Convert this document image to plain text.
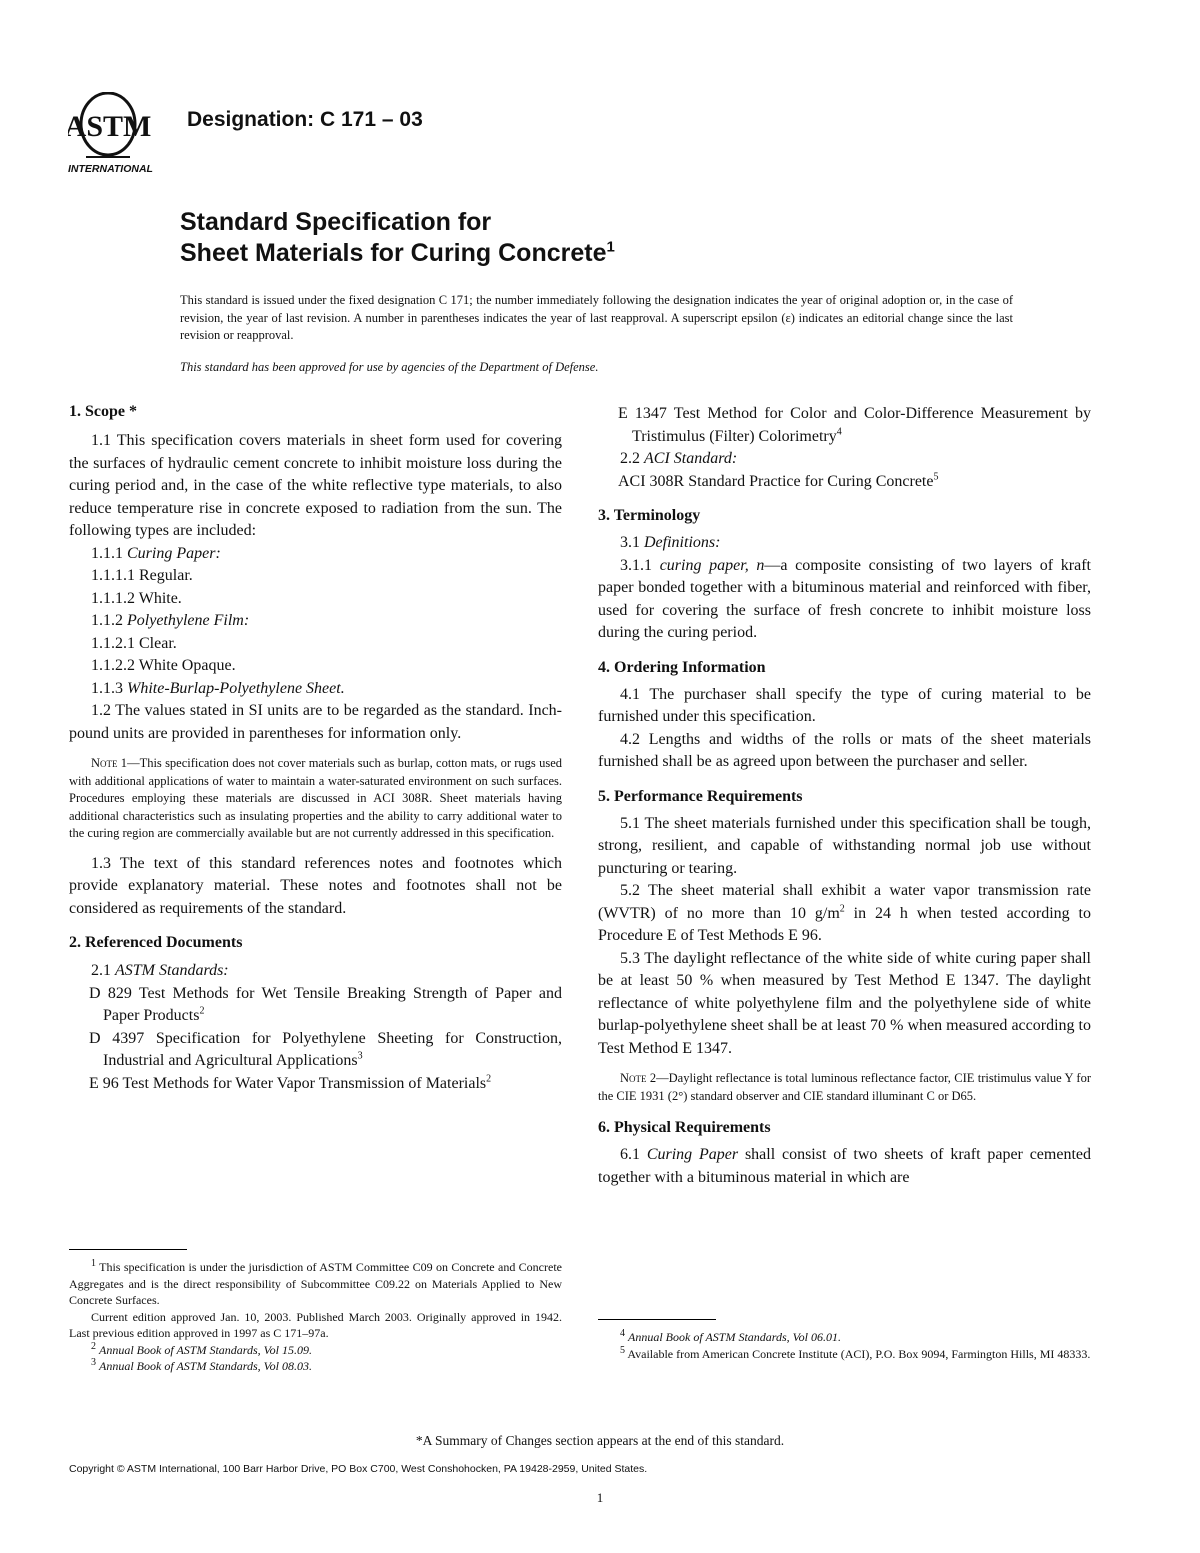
ASTM
INTERNATIONAL
Designation: C 171 – 03
Standard Specification for
Sheet Materials for Curing Concrete$^1$
This standard is issued under the fixed designation C 171; the number immediately following the designation indicates the year of original adoption or, in the case of revision, the year of last revision. A number in parentheses indicates the year of last reapproval. A superscript epsilon (ε) indicates an editorial change since the last revision or reapproval.
This standard has been approved for use by agencies of the Department of Defense.
1. Scope *
1.1 This specification covers materials in sheet form used for covering the surfaces of hydraulic cement concrete to inhibit moisture loss during the curing period and, in the case of the white reflective type materials, to also reduce temperature rise in concrete exposed to radiation from the sun. The following types are included:
1.1.1 Curing Paper:
1.1.1.1 Regular.
1.1.1.2 White.
1.1.2 Polyethylene Film:
1.1.2.1 Clear.
1.1.2.2 White Opaque.
1.1.3 White-Burlap-Polyethylene Sheet.
1.2 The values stated in SI units are to be regarded as the standard. Inch-pound units are provided in parentheses for information only.
Note 1—This specification does not cover materials such as burlap, cotton mats, or rugs used with additional applications of water to maintain a water-saturated environment on such surfaces. Procedures employing these materials are discussed in ACI 308R. Sheet materials having additional characteristics such as insulating properties and the ability to carry additional water to the curing region are commercially available but are not currently addressed in this specification.
1.3 The text of this standard references notes and footnotes which provide explanatory material. These notes and footnotes shall not be considered as requirements of the standard.
2. Referenced Documents
2.1 ASTM Standards:
D 829 Test Methods for Wet Tensile Breaking Strength of Paper and Paper Products$^2$
D 4397 Specification for Polyethylene Sheeting for Construction, Industrial and Agricultural Applications$^3$
E 96 Test Methods for Water Vapor Transmission of Materials$^2$
$^1$ This specification is under the jurisdiction of ASTM Committee C09 on Concrete and Concrete Aggregates and is the direct responsibility of Subcommittee C09.22 on Materials Applied to New Concrete Surfaces.
Current edition approved Jan. 10, 2003. Published March 2003. Originally approved in 1942. Last previous edition approved in 1997 as C 171–97a.
$^2$ Annual Book of ASTM Standards, Vol 15.09.
$^3$ Annual Book of ASTM Standards, Vol 08.03.
E 1347 Test Method for Color and Color-Difference Measurement by Tristimulus (Filter) Colorimetry$^4$
2.2 ACI Standard:
ACI 308R Standard Practice for Curing Concrete$^5$
3. Terminology
3.1 Definitions:
3.1.1 curing paper, n—a composite consisting of two layers of kraft paper bonded together with a bituminous material and reinforced with fiber, used for covering the surface of fresh concrete to inhibit moisture loss during the curing period.
4. Ordering Information
4.1 The purchaser shall specify the type of curing material to be furnished under this specification.
4.2 Lengths and widths of the rolls or mats of the sheet materials furnished shall be as agreed upon between the purchaser and seller.
5. Performance Requirements
5.1 The sheet materials furnished under this specification shall be tough, strong, resilient, and capable of withstanding normal job use without puncturing or tearing.
5.2 The sheet material shall exhibit a water vapor transmission rate (WVTR) of no more than 10 $g/m^2$ in 24 h when tested according to Procedure E of Test Methods E 96.
5.3 The daylight reflectance of the white side of white curing paper shall be at least 50 % when measured by Test Method E 1347. The daylight reflectance of white polyethylene film and the polyethylene side of white burlap-polyethylene sheet shall be at least 70 % when measured according to Test Method E 1347.
Note 2—Daylight reflectance is total luminous reflectance factor, CIE tristimulus value Y for the CIE 1931 (2°) standard observer and CIE standard illuminant C or D65.
6. Physical Requirements
6.1 Curing Paper shall consist of two sheets of kraft paper cemented together with a bituminous material in which are
$^4$ Annual Book of ASTM Standards, Vol 06.01.
$^5$ Available from American Concrete Institute (ACI), P.O. Box 9094, Farmington Hills, MI 48333.
*A Summary of Changes section appears at the end of this standard.
Copyright © ASTM International, 100 Barr Harbor Drive, PO Box C700, West Conshohocken, PA 19428-2959, United States.
1
